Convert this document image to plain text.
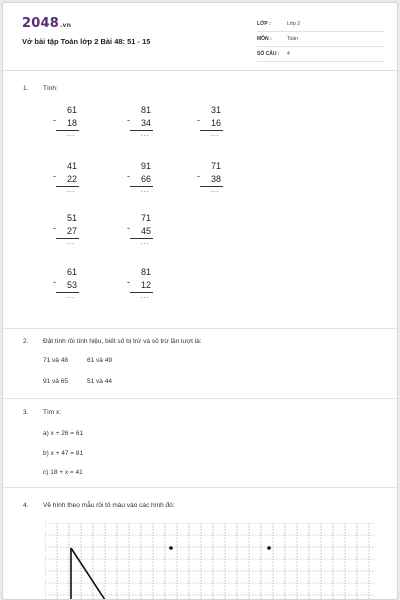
2048.vn
Vở bài tập Toán lớp 2 Bài 48: 51 - 15
LỚP :	Lớp 2
MÔN :	Toán
SỐ CÂU : 4
1. Tính:
61
- 18
...
81
- 34
...
31
- 16
...
41
- 22
...
91
- 66
...
71
- 38
...
51
- 27
...
71
- 45
...
61
- 53
...
81
- 12
...
2. Đặt tính rồi tính hiệu, biết số bị trừ và số trừ lần lượt là:
71 và 48	61 và 49
91 và 65	51 và 44
3. Tìm x:
a) x + 26 = 61
b) x + 47 = 81
c) 18 + x = 41
4. Vẽ hình theo mẫu rồi tô màu vào các hình đó:
